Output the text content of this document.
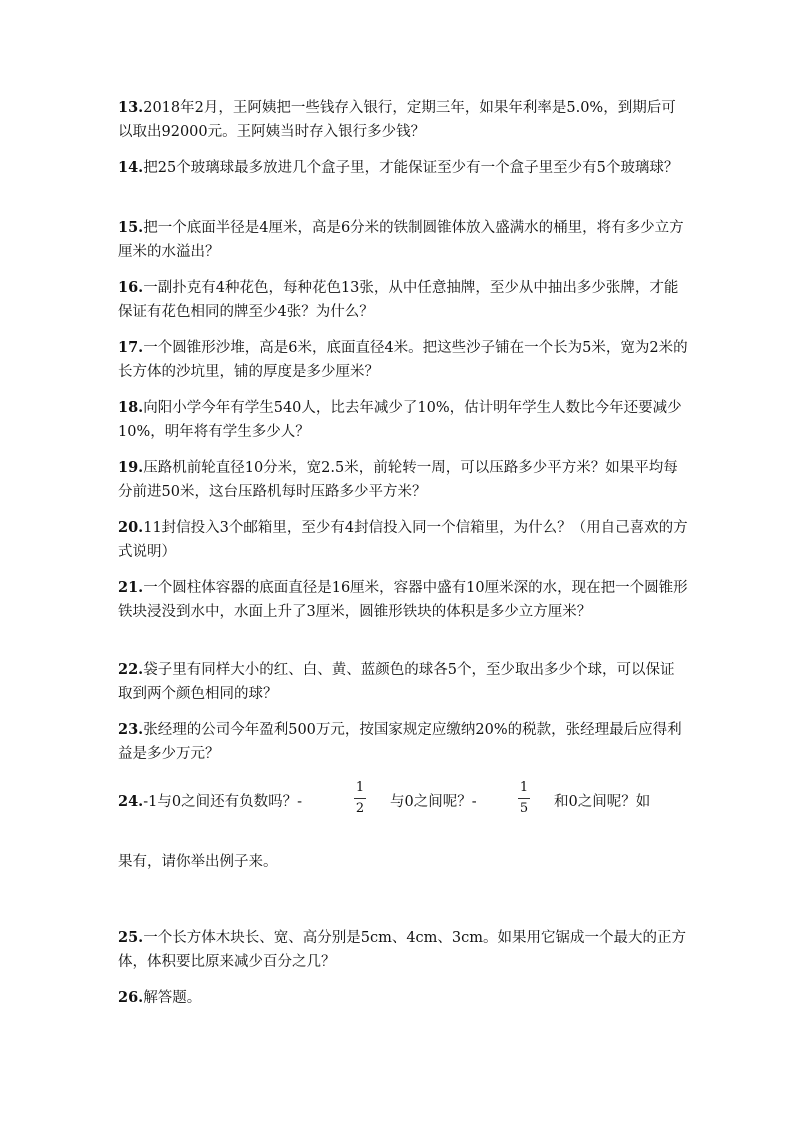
13.2018年2月，王阿姨把一些钱存入银行，定期三年，如果年利率是5.0%，到期后可以取出92000元。王阿姨当时存入银行多少钱？

14.把25个玻璃球最多放进几个盒子里，才能保证至少有一个盒子里至少有5个玻璃球？

15.把一个底面半径是4厘米，高是6分米的铁制圆锥体放入盛满水的桶里，将有多少立方厘米的水溢出？

16.一副扑克有4种花色，每种花色13张，从中任意抽牌，至少从中抽出多少张牌，才能保证有花色相同的牌至少4张？为什么？

17.一个圆锥形沙堆，高是6米，底面直径4米。把这些沙子铺在一个长为5米，宽为2米的长方体的沙坑里，铺的厚度是多少厘米？

18.向阳小学今年有学生540人，比去年减少了10%，估计明年学生人数比今年还要减少10%，明年将有学生多少人？

19.压路机前轮直径10分米，宽2.5米，前轮转一周，可以压路多少平方米？如果平均每分前进50米，这台压路机每时压路多少平方米？

20.11封信投入3个邮箱里，至少有4封信投入同一个信箱里，为什么？（用自己喜欢的方式说明）

21.一个圆柱体容器的底面直径是16厘米，容器中盛有10厘米深的水，现在把一个圆锥形铁块浸没到水中，水面上升了3厘米，圆锥形铁块的体积是多少立方厘米？

22.袋子里有同样大小的红、白、黄、蓝颜色的球各5个，至少取出多少个球，可以保证取到两个颜色相同的球？

23.张经理的公司今年盈利500万元，按国家规定应缴纳20%的税款，张经理最后应得利益是多少万元？

24.-1与0之间还有负数吗？-
1
2 与0之间呢？-
1
5 和0之间呢？如

果有，请你举出例子来。

25.一个长方体木块长、宽、高分别是5cm、4cm、3cm。如果用它锯成一个最大的正方体，体积要比原来减少百分之几？

26.解答题。
